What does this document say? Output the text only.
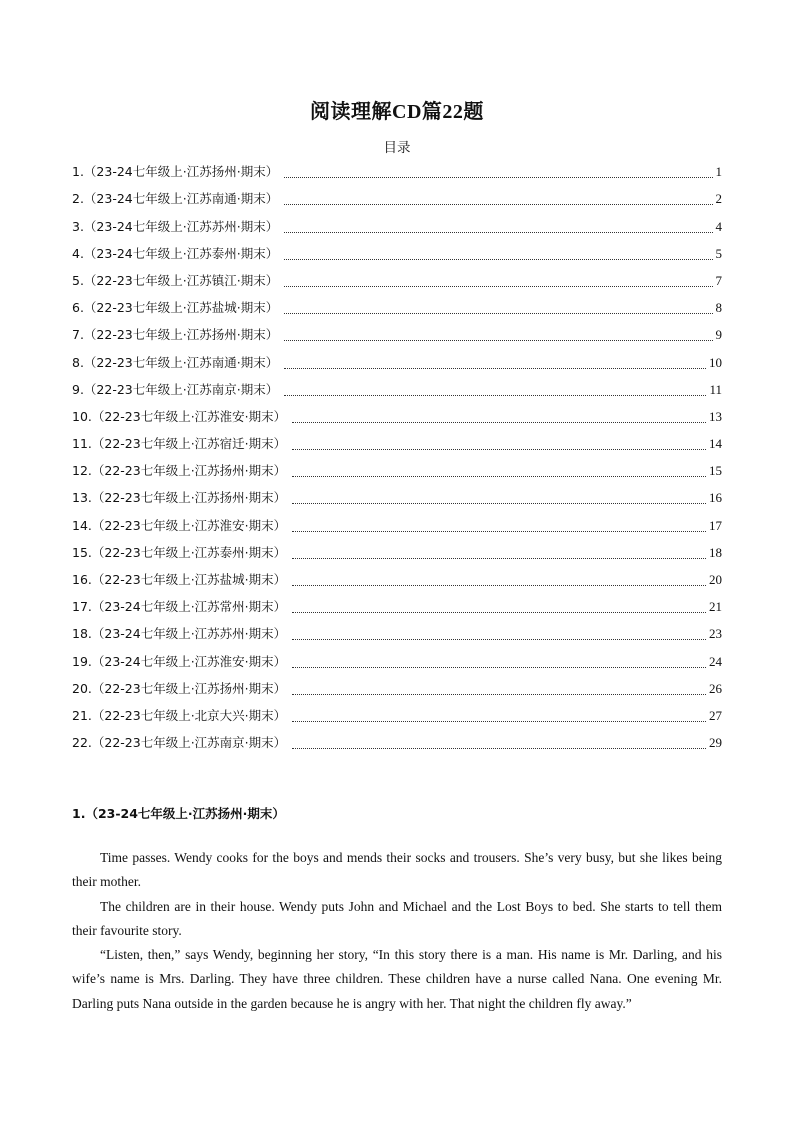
阅读理解CD篇22题
目录
1.（23-24七年级上·江苏扬州·期末）	1
2.（23-24七年级上·江苏南通·期末）	2
3.（23-24七年级上·江苏苏州·期末）	4
4.（23-24七年级上·江苏泰州·期末）	5
5.（22-23七年级上·江苏镇江·期末）	7
6.（22-23七年级上·江苏盐城·期末）	8
7.（22-23七年级上·江苏扬州·期末）	9
8.（22-23七年级上·江苏南通·期末）	10
9.（22-23七年级上·江苏南京·期末）	11
10.（22-23七年级上·江苏淮安·期末）	13
11.（22-23七年级上·江苏宿迁·期末）	14
12.（22-23七年级上·江苏扬州·期末）	15
13.（22-23七年级上·江苏扬州·期末）	16
14.（22-23七年级上·江苏淮安·期末）	17
15.（22-23七年级上·江苏泰州·期末）	18
16.（22-23七年级上·江苏盐城·期末）	20
17.（23-24七年级上·江苏常州·期末）	21
18.（23-24七年级上·江苏苏州·期末）	23
19.（23-24七年级上·江苏淮安·期末）	24
20.（22-23七年级上·江苏扬州·期末）	26
21.（22-23七年级上·北京大兴·期末）	27
22.（22-23七年级上·江苏南京·期末）	29
1.（23-24七年级上·江苏扬州·期末）

Time passes. Wendy cooks for the boys and mends their socks and trousers. She’s very busy, but she likes being their mother.

The children are in their house. Wendy puts John and Michael and the Lost Boys to bed. She starts to tell them their favourite story.

“Listen, then,” says Wendy, beginning her story, “In this story there is a man. His name is Mr. Darling, and his wife’s name is Mrs. Darling. They have three children. These children have a nurse called Nana. One evening Mr. Darling puts Nana outside in the garden because he is angry with her. That night the children fly away.”
